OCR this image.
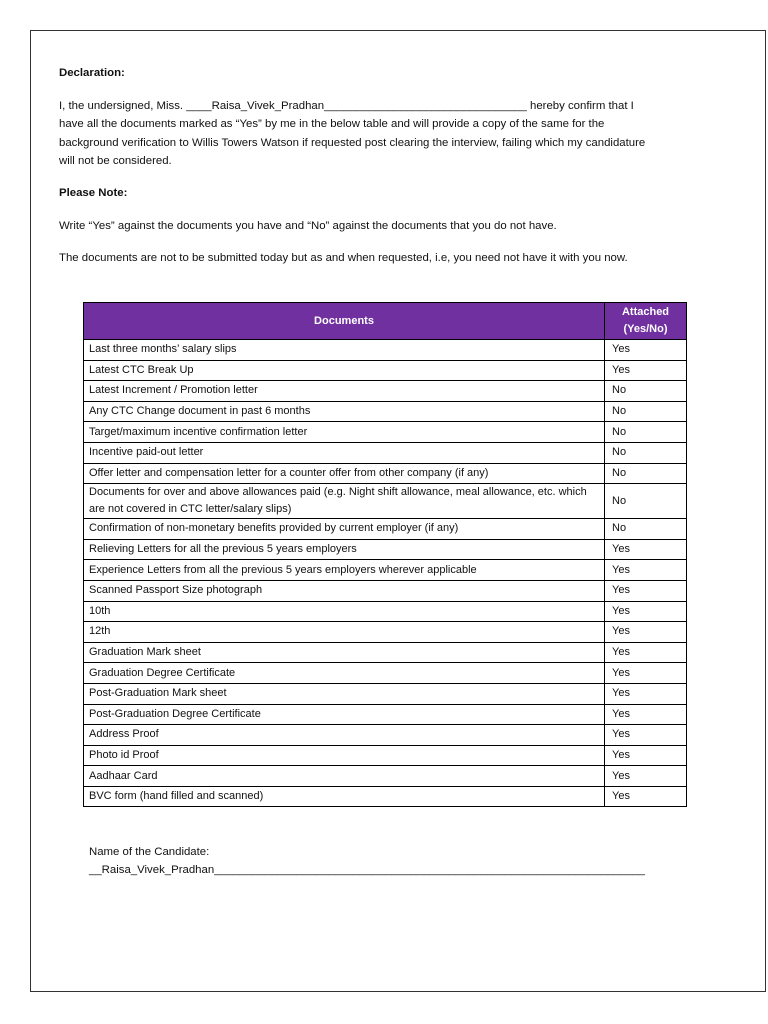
Declaration:

I, the undersigned, Miss. ____Raisa_Vivek_Pradhan________________________________ hereby confirm that I have all the documents marked as “Yes” by me in the below table and will provide a copy of the same for the background verification to Willis Towers Watson if requested post clearing the interview, failing which my candidature will not be considered.

Please Note:

Write “Yes” against the documents you have and “No” against the documents that you do not have.

The documents are not to be submitted today but as and when requested, i.e, you need not have it with you now.

Documents	Attached
(Yes/No)

Last three months’ salary slips	Yes
Latest CTC Break Up	Yes
Latest Increment / Promotion letter	No
Any CTC Change document in past 6 months	No
Target/maximum incentive confirmation letter	No
Incentive paid-out letter	No
Offer letter and compensation letter for a counter offer from other company (if any)	No
Documents for over and above allowances paid (e.g. Night shift allowance, meal allowance, etc. which are not covered in CTC letter/salary slips)	No
Confirmation of non-monetary benefits provided by current employer (if any)	No
Relieving Letters for all the previous 5 years employers	Yes
Experience Letters from all the previous 5 years employers wherever applicable	Yes
Scanned Passport Size photograph	Yes
10th	Yes
12th	Yes
Graduation Mark sheet	Yes
Graduation Degree Certificate	Yes
Post-Graduation Mark sheet	Yes
Post-Graduation Degree Certificate	Yes
Address Proof	Yes
Photo id Proof	Yes
Aadhaar Card	Yes
BVC form (hand filled and scanned)	Yes
Name of the Candidate:
__Raisa_Vivek_Pradhan____________________________________________________________________
